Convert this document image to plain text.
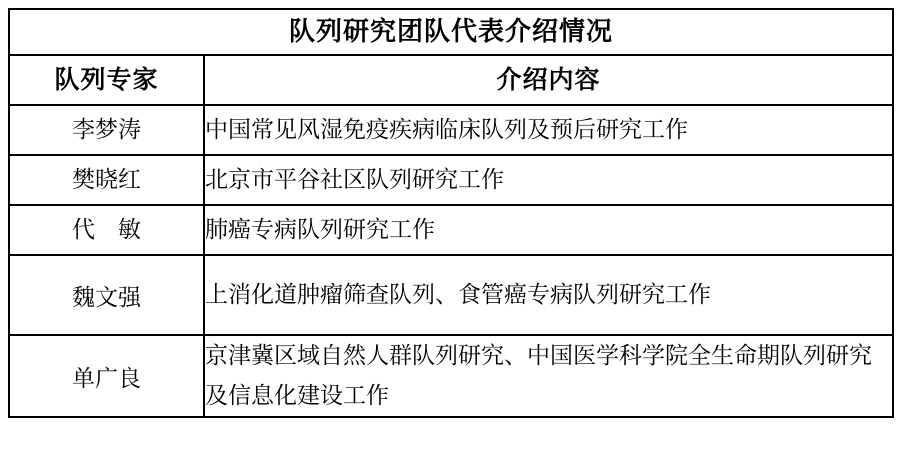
队列研究团队代表介绍情况	
队列专家	介绍内容
李梦涛	中国常见风湿免疫疾病临床队列及预后研究工作
樊晓红	北京市平谷社区队列研究工作
代　敏	肺癌专病队列研究工作
魏文强	上消化道肿瘤筛查队列、食管癌专病队列研究工作
单广良	京津冀区域自然人群队列研究、中国医学科学院全生命期队列研究及信息化建设工作
